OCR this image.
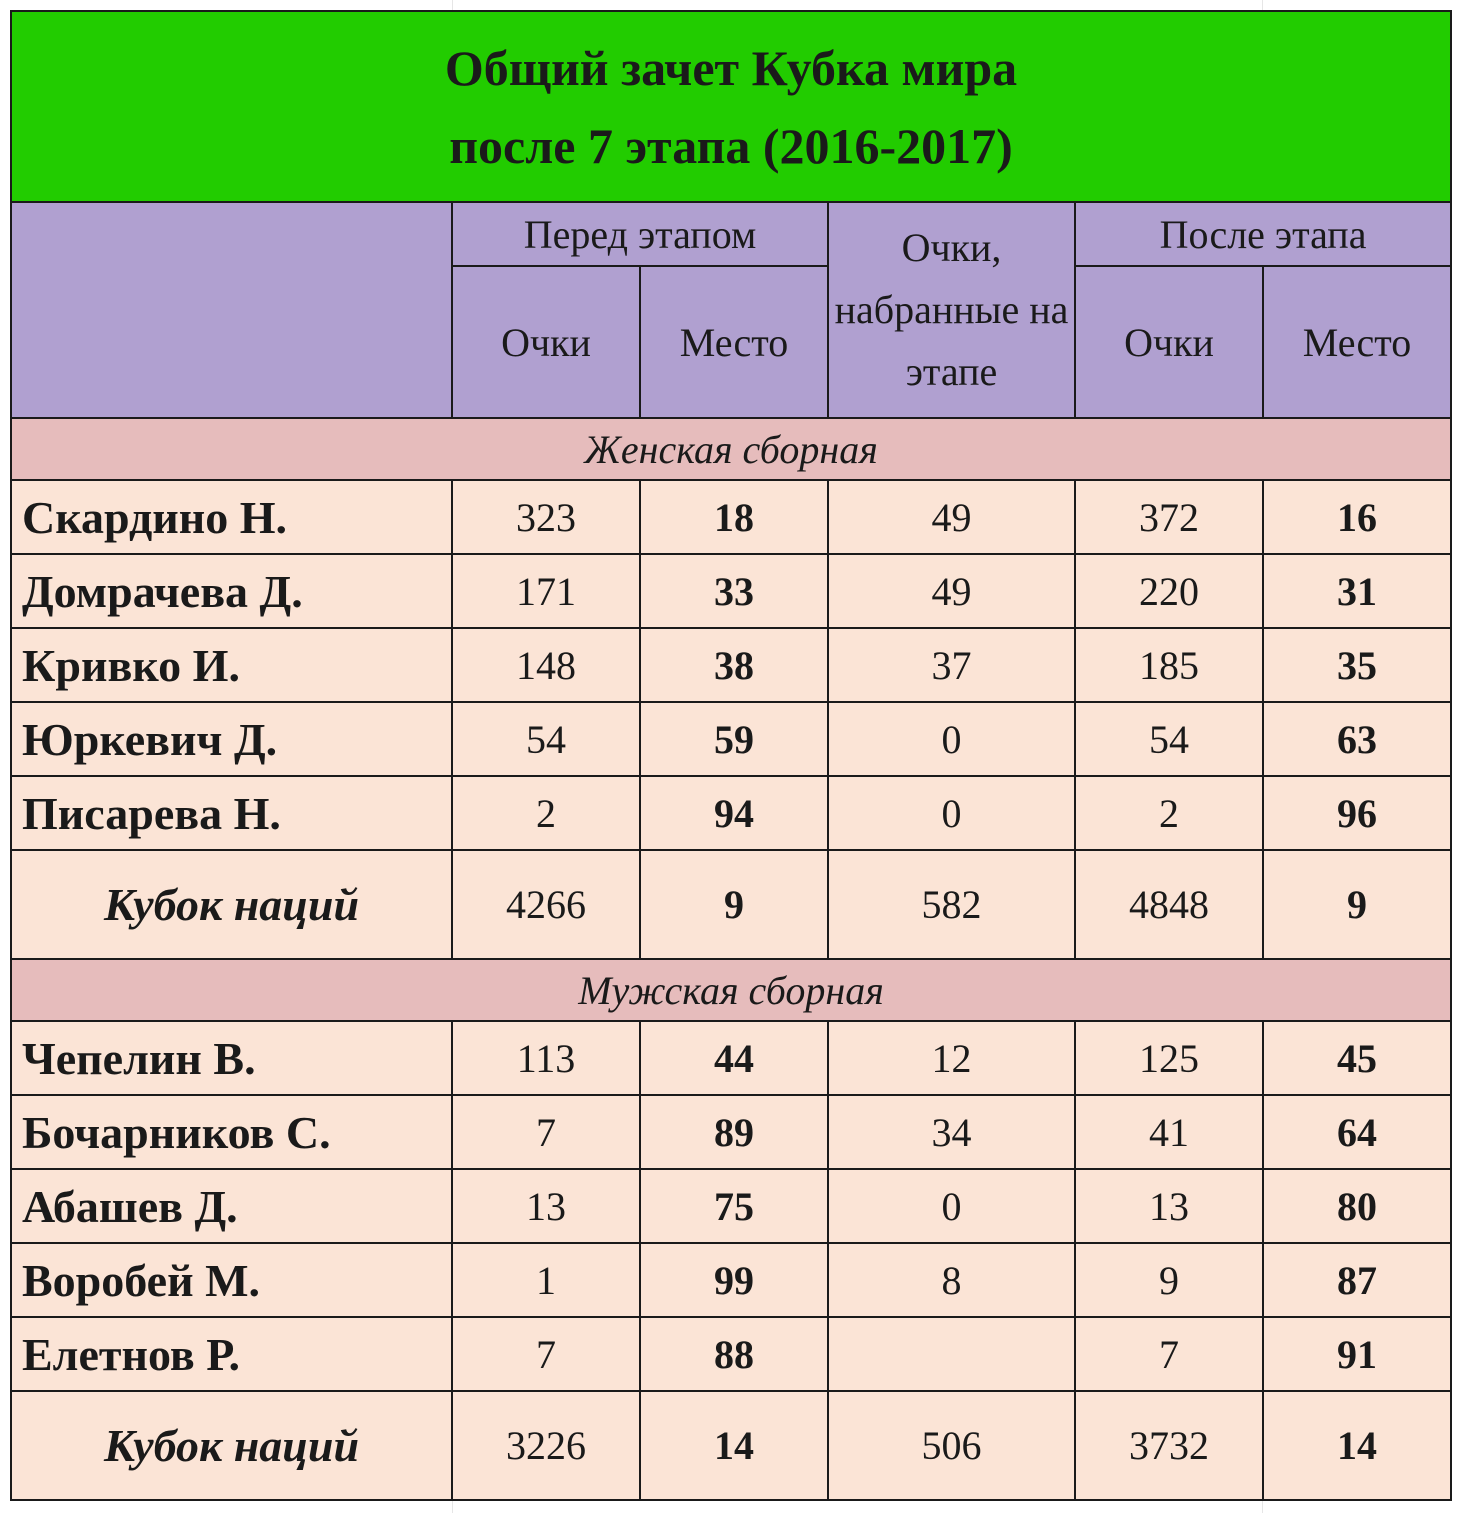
Общий зачет Кубка мира
после 7 этапа (2016-2017)					

	Перед этапом		Очки, набранные на этапе	После этапа	
	Очки	Место		Очки	Место
Женская сборная					
Скардино Н.	323	18	49	372	16
Домрачева Д.	171	33	49	220	31
Кривко И.	148	38	37	185	35
Юркевич Д.	54	59	0	54	63
Писарева Н.	2	94	0	2	96
Кубок наций	4266	9	582	4848	9
Мужская сборная					
Чепелин В.	113	44	12	125	45
Бочарников С.	7	89	34	41	64
Абашев Д.	13	75	0	13	80
Воробей М.	1	99	8	9	87
Елетнов Р.	7	88		7	91
Кубок наций	3226	14	506	3732	14
